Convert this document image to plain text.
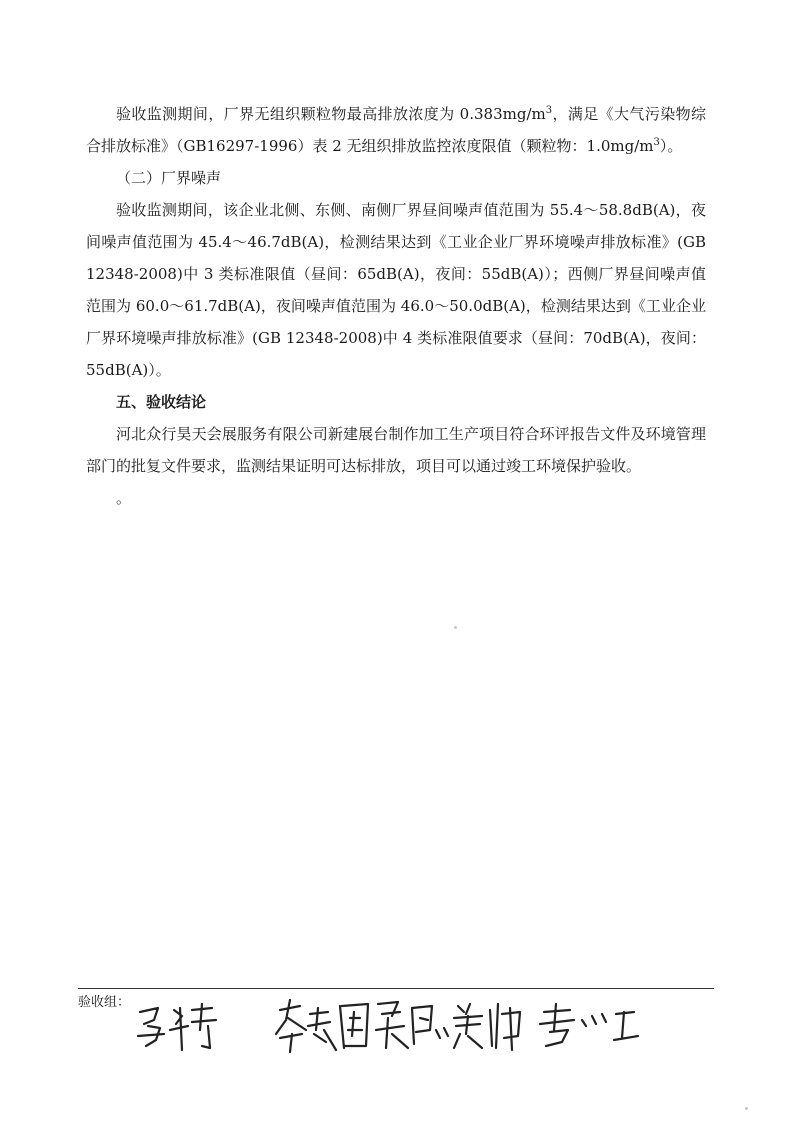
验收监测期间，厂界无组织颗粒物最高排放浓度为 $0.383mg/m^3$，满足《大气污染物综合排放标准》（GB16297-1996）表 2 无组织排放监控浓度限值（颗粒物：$1.0mg/m^3$）。

（二）厂界噪声

验收监测期间，该企业北侧、东侧、南侧厂界昼间噪声值范围为 55.4～58.8dB(A)，夜间噪声值范围为 45.4～46.7dB(A)，检测结果达到《工业企业厂界环境噪声排放标准》(GB 12348-2008)中 3 类标准限值（昼间：65dB(A)，夜间：55dB(A)）；西侧厂界昼间噪声值范围为 60.0～61.7dB(A)，夜间噪声值范围为 46.0～50.0dB(A)，检测结果达到《工业企业厂界环境噪声排放标准》(GB 12348-2008)中 4 类标准限值要求（昼间：70dB(A)，夜间：55dB(A)）。

五、验收结论

河北众行昊天会展服务有限公司新建展台制作加工生产项目符合环评报告文件及环境管理部门的批复文件要求，监测结果证明可达标排放，项目可以通过竣工环境保护验收。

。

验收组：
